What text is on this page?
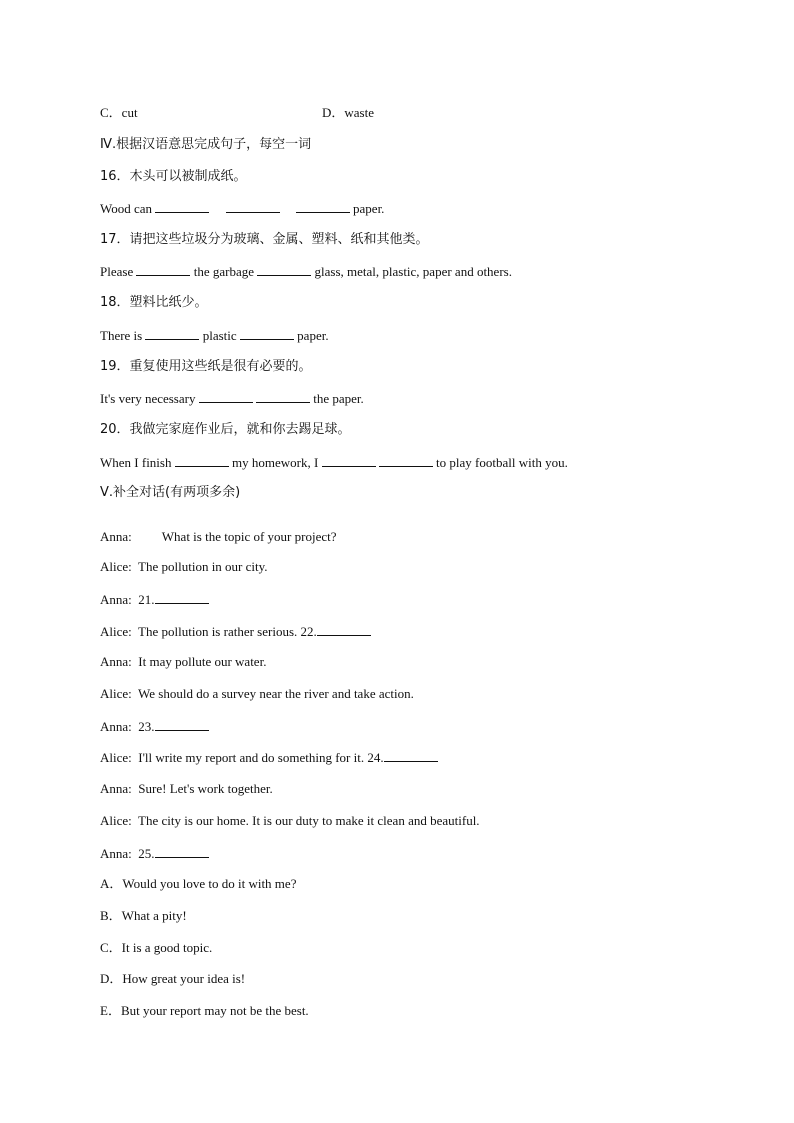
C．cut	D．waste
Ⅳ.根据汉语意思完成句子，每空一词
16．木头可以被制成纸。
Wood can	paper.
17．请把这些垃圾分为玻璃、金属、塑料、纸和其他类。
Please	the garbage	glass, metal, plastic, paper and others.
18．塑料比纸少。
There is	plastic	paper.
19．重复使用这些纸是很有必要的。
It's very necessary	the paper.
20．我做完家庭作业后，就和你去踢足球。
When I finish	my homework, I	to play football with you.
Ⅴ.补全对话(有两项多余)
Anna: What is the topic of your project?
Alice: The pollution in our city.
Anna: 21.
Alice: The pollution is rather serious. 22.
Anna: It may pollute our water.
Alice: We should do a survey near the river and take action.
Anna: 23.
Alice: I'll write my report and do something for it. 24.
Anna: Sure! Let's work together.
Alice: The city is our home. It is our duty to make it clean and beautiful.
Anna: 25.
A．Would you love to do it with me?
B．What a pity!
C．It is a good topic.
D．How great your idea is!
E．But your report may not be the best.
